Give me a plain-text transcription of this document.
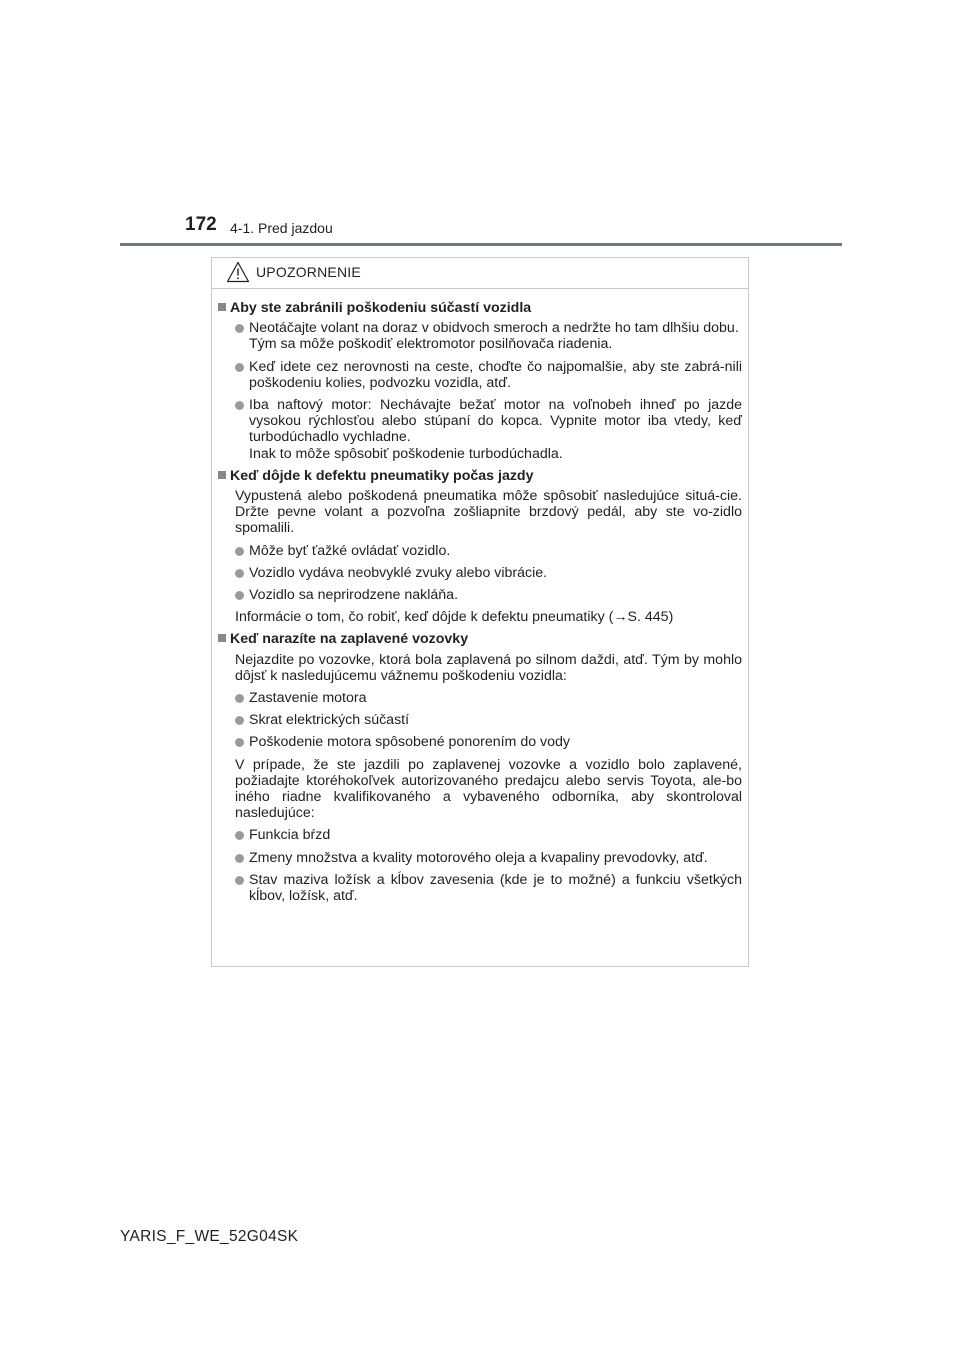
172 4-1. Pred jazdou
UPOZORNENIE
Aby ste zabránili poškodeniu súčastí vozidla
Neotáčajte volant na doraz v obidvoch smeroch a nedržte ho tam dlhšiu dobu.
Tým sa môže poškodiť elektromotor posilňovača riadenia.
Keď idete cez nerovnosti na ceste, choďte čo najpomalšie, aby ste zabrá-nili poškodeniu kolies, podvozku vozidla, atď.
Iba naftový motor: Nechávajte bežať motor na voľnobeh ihneď po jazde vysokou rýchlosťou alebo stúpaní do kopca. Vypnite motor iba vtedy, keď turbodúchadlo vychladne.
Inak to môže spôsobiť poškodenie turbodúchadla.
Keď dôjde k defektu pneumatiky počas jazdy
Vypustená alebo poškodená pneumatika môže spôsobiť nasledujúce situá-cie. Držte pevne volant a pozvoľna zošliapnite brzdový pedál, aby ste vo-zidlo spomalili.
Môže byť ťažké ovládať vozidlo.
Vozidlo vydáva neobvyklé zvuky alebo vibrácie.
Vozidlo sa neprirodzene nakláňa.
Informácie o tom, čo robiť, keď dôjde k defektu pneumatiky (→S. 445)
Keď narazíte na zaplavené vozovky
Nejazdite po vozovke, ktorá bola zaplavená po silnom daždi, atď. Tým by mohlo dôjsť k nasledujúcemu vážnemu poškodeniu vozidla:
Zastavenie motora
Skrat elektrických súčastí
Poškodenie motora spôsobené ponorením do vody
V prípade, že ste jazdili po zaplavenej vozovke a vozidlo bolo zaplavené, požiadajte ktoréhokoľvek autorizovaného predajcu alebo servis Toyota, ale-bo iného riadne kvalifikovaného a vybaveného odborníka, aby skontroloval nasledujúce:
Funkcia bŕzd
Zmeny množstva a kvality motorového oleja a kvapaliny prevodovky, atď.
Stav maziva ložísk a kĺbov zavesenia (kde je to možné) a funkciu všetkých kĺbov, ložísk, atď.
YARIS_F_WE_52G04SK
